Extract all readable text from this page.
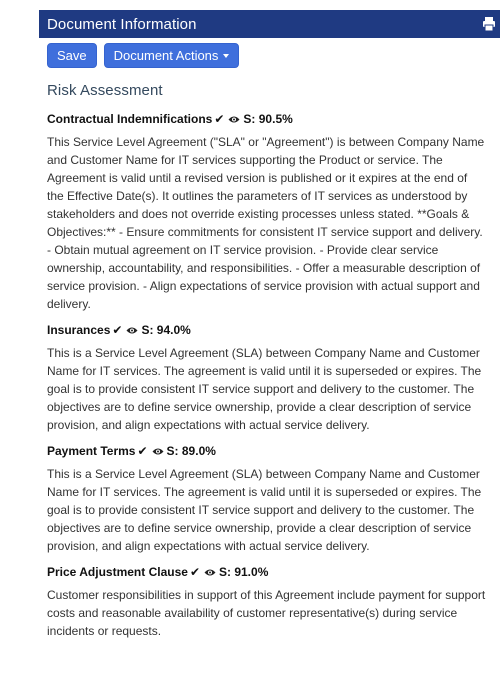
Document Information
Save Document Actions
Risk Assessment
Contractual Indemnifications ✔ S: 90.5%

This Service Level Agreement ("SLA" or "Agreement") is between Company Name and Customer Name for IT services supporting the Product or service. The Agreement is valid until a revised version is published or it expires at the end of the Effective Date(s). It outlines the parameters of IT services as understood by stakeholders and does not override existing processes unless stated. **Goals & Objectives:** - Ensure commitments for consistent IT service support and delivery. - Obtain mutual agreement on IT service provision. - Provide clear service ownership, accountability, and responsibilities. - Offer a measurable description of service provision. - Align expectations of service provision with actual support and delivery.

Insurances ✔ S: 94.0%

This is a Service Level Agreement (SLA) between Company Name and Customer Name for IT services. The agreement is valid until it is superseded or expires. The goal is to provide consistent IT service support and delivery to the customer. The objectives are to define service ownership, provide a clear description of service provision, and align expectations with actual service delivery.

Payment Terms ✔ S: 89.0%

This is a Service Level Agreement (SLA) between Company Name and Customer Name for IT services. The agreement is valid until it is superseded or expires. The goal is to provide consistent IT service support and delivery to the customer. The objectives are to define service ownership, provide a clear description of service provision, and align expectations with actual service delivery.

Price Adjustment Clause ✔ S: 91.0%

Customer responsibilities in support of this Agreement include payment for support costs and reasonable availability of customer representative(s) during service incidents or requests.
